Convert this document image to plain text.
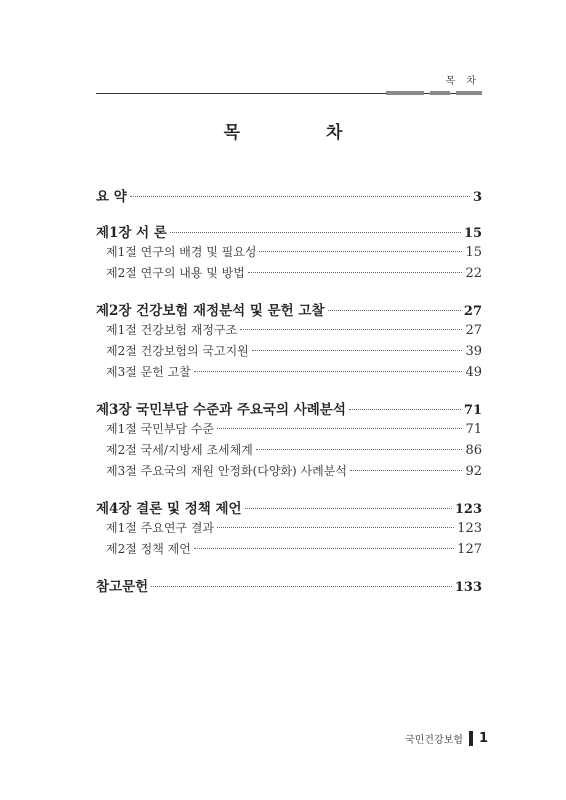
목 차
목 차
요 약	3
제1장 서 론	15
제1절 연구의 배경 및 필요성	15
제2절 연구의 내용 및 방법	22
제2장 건강보험 재정분석 및 문헌 고찰	27
제1절 건강보험 재정구조	27
제2절 건강보험의 국고지원	39
제3절 문헌 고찰	49
제3장 국민부담 수준과 주요국의 사례분석	71
제1절 국민부담 수준	71
제2절 국세/지방세 조세체계	86
제3절 주요국의 재원 안정화(다양화) 사례분석	92
제4장 결론 및 정책 제언	123
제1절 주요연구 결과	123
제2절 정책 제언	127
참고문헌	133
국민건강보험 1
